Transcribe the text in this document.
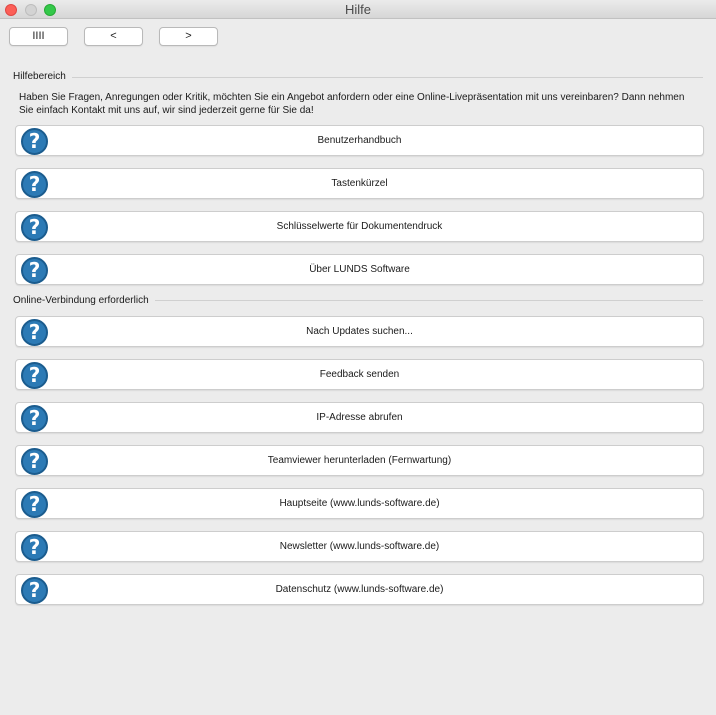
Hilfe
IIII	<	>
Hilfebereich
Haben Sie Fragen, Anregungen oder Kritik, möchten Sie ein Angebot anfordern oder eine Online-Livepräsentation mit uns vereinbaren? Dann nehmen Sie einfach Kontakt mit uns auf, wir sind jederzeit gerne für Sie da!
?	Benutzerhandbuch
?	Tastenkürzel
?	Schlüsselwerte für Dokumentendruck
?	Über LUNDS Software
Online-Verbindung erforderlich
?	Nach Updates suchen...
?	Feedback senden
?	IP-Adresse abrufen
?	Teamviewer herunterladen (Fernwartung)
?	Hauptseite (www.lunds-software.de)
?	Newsletter (www.lunds-software.de)
?	Datenschutz (www.lunds-software.de)
